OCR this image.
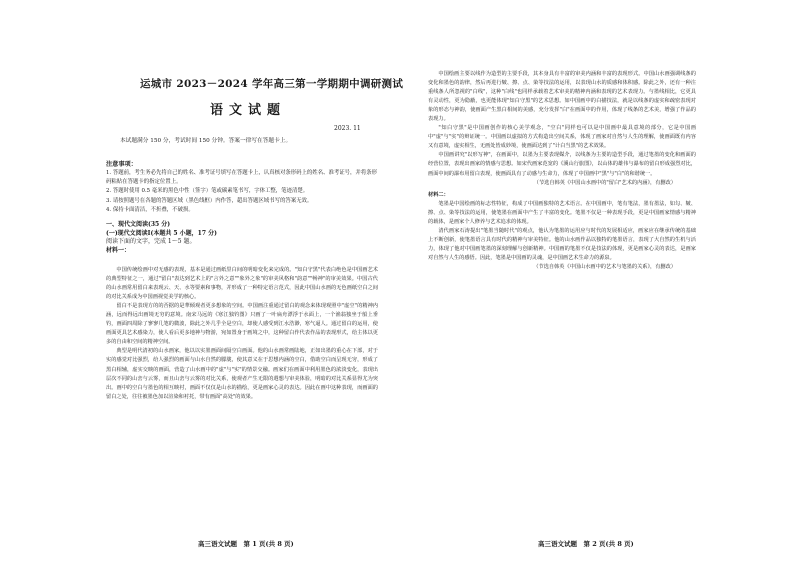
运城市 2023－2024 学年高三第一学期期中调研测试
语文试题
2023. 11
本试题满分 150 分，考试时间 150 分钟。答案一律写在答题卡上。
注意事项：

1. 答题前，考生务必先将自己的姓名、准考证号填写在答题卡上，认真核对条形码上的姓名、准考证号，并将条形码粘贴在答题卡的指定位置上。

2. 答题时使用 0.5 毫米的黑色中性（签字）笔或碳素笔书写，字体工整，笔迹清楚。

3. 请按照题号在各题的答题区域（黑色线框）内作答，超出答题区域书写的答案无效。

4. 保持卡面清洁，不折叠，不破损。

一、现代文阅读(35 分)
(一)现代文阅读Ⅰ(本题共 5 小题，17 分)
阅读下面的文字，完成 1～5 题。
材料一：

中国传统绘画中对无感的表现，基本是通过画纸里白间的明暗变化来完成的。"知白守黑"代表白绝色是中国画艺术的典型特征之一，通过"留白"表达到艺术上的"言外之意""象外之象"的审美风格和"韵意""畅神"的审美效果。中国古代的山水画常用留白来表现云、天、水等要素和事物，并形成了一种特定语言范式，因此中国山水画的无色画纸空白之间的对比关系成为中国画视觉美学的核心。

留白不是表现方的的否据的是華倾观者更多想象的空间。中国画注重通过留白的观念来体现观照中"虚空"的精神内涵，远而得远出画境无穷的意境。南宋马远的《寒江独钓图》只画了一叶扁舟漂浮于水面上，一个渔翁独坐于船上垂钓，画面四周除了寥寥几笔的微波，除此之外几乎全是空白，却使人感受到江水浩渺，寒气逼人。通过留白的运用，使画面更具艺术感染力，使人看后更多地神与物游，宛如置身于画境之中，这种留白作代表作品的表现形式，给主体以更多的自由和空间的精神空间。

典型是明代清初的山水画家，他以以实墨画面间隔空白画面。他的山水画常画陆地，正如出墨的重心在下部，对于实的感觉对比强烈，给人强烈的画面与山水自然的朦胧，使其意义在于思想内涵的空白，借助空白而呈现无穷，形成了黑白相辅，虚实交映的画面，营造了山水画中的"虚"与"实"的情景交融。画家们在画面中利用墨色的浓淡变化，表现出层次不同的山峦与云雾，而且山峦与云雾的对比关系，使观者产生无限的遐想与审美体验，明暗的对比关系显得尤为突出。画中的空白与墨色的相互映衬，画面不仅仅是山水的描绘，更是画家心灵的表达。因此在画中这种表现，而画面的留白之处，往往被墨色加以渲染和衬托，带有画面"高处"的效果。

中国绘画主要以线作为造型的主要手段，其本身具有丰富的审美内涵和丰富的表现形式。中国山水画强调线条的变化和墨色的韵律，然后再进行皴、擦、点、染等技法的运用，以表现山水的质感和体积感。除此之外，还有一种注重线条人所忽视的"白线"，这种"白线"也同样承载着艺术审美的精神内涵和表现的艺术表现力。与墨线相比，它更具有灵动性，更为隐蔽，也更能体现"知白守黑"的艺术思想。如中国画中的白描技法，就是以线条的虚实和疏密表现对象的形态与神韵，使画面产生黑白相间的美感，充分发挥"白"在画面中的作用，体现了线条的艺术美，增强了作品的表现力。

"知白守黑"是中国画创作的核心美学观念，"空白"同样也可以是中国画中最具意境的部分，它是中国画中"虚"与"实"的辩证统一。中国画以虚拟的方式构造出空间关系，体现了画家对自然与人生的理解，使画面既有内容又有意境，虚实相生，无画处皆成妙境，使画面达到了"计白当黑"的艺术效果。

中国画讲究"以形写神"，在画面中，以墨为主要表现媒介，以线条为主要的造型手段，通过笔墨的变化和画面的经营位置，表现出画家的情感与思想。如宋代画家范宽的《溪山行旅图》，以山体的雄伟与瀑布的留白形成强烈对比，画面中间的瀑布用留白表现，使画面具有了动感与生命力，体现了中国画中"黑"与"白"的和谐统一。

（节选自韩英《中国山水画中的"留白"艺术的内涵》，有删改）

材料二：

笔墨是中国绘画的标志性特征，构成了中国画独特的艺术语言。在中国画中，笔有笔法，墨有墨法，如勾、皴、擦、点、染等技法的运用，使笔墨在画面中产生了丰富的变化。笔墨不仅是一种表现手段，更是中国画家情感与精神的载体，是画家个人修养与艺术追求的体现。

清代画家石涛提出"笔墨当随时代"的观点，他认为笔墨的运用应与时代的发展相适应，画家应在继承传统的基础上不断创新，使笔墨语言具有时代的精神与审美特征。他的山水画作品以独特的笔墨语言，表现了大自然的生机与活力，体现了他对中国画笔墨的深刻理解与创新精神。中国画的笔墨不仅是技法的体现，更是画家心灵的表达，是画家对自然与人生的感悟。因此，笔墨是中国画的灵魂，是中国画艺术生命力的源泉。

（节选自韩英《中国山水画中的艺术与笔墨的关系》，有删改）

高三语文试题　第 1 页(共 8 页)	高三语文试题　第 2 页(共 8 页)
